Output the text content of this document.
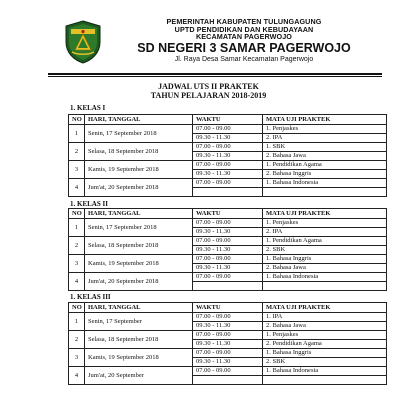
PEMERINTAH KABUPATEN TULUNGAGUNG
UPTD PENDIDIKAN DAN KEBUDAYAAN
KECAMATAN PAGERWOJO
SD NEGERI 3 SAMAR PAGERWOJO
Jl. Raya Desa Samar Kecamatan Pagerwojo
JADWAL UTS II PRAKTEK
TAHUN PELAJARAN 2018-2019
1. KELAS I
NO	HARI, TANGGAL	WAKTU	MATA UJI PRAKTEK
1	Senin, 17 September 2018	07.00 - 09.00	1. Penjaskes
		09.30 - 11.30	2. IPA
2	Selasa, 18 September 2018	07.00 - 09.00	1. SBK
		09.30 - 11.30	2. Bahasa Jawa
3	Kamis, 19 September 2018	07.00 - 09.00	1. Pendidikan Agama
		09.30 - 11.30	2. Bahasa Inggris
4	Jum'at, 20 September 2018	07.00 - 09.00	1. Bahasa Indonesia

1. KELAS II
NO	HARI, TANGGAL	WAKTU	MATA UJI PRAKTEK
1	Senin, 17 September 2018	07.00 - 09.00	1. Penjaskes
		09.30 - 11.30	2. IPA
2	Selasa, 18 September 2018	07.00 - 09.00	1. Pendidikan Agama
		09.30 - 11.30	2. SBK
3	Kamis, 19 September 2018	07.00 - 09.00	1. Bahasa Inggris
		09.30 - 11.30	2. Bahasa Jawa
4	Jum'at, 20 September 2018	07.00 - 09.00	1. Bahasa Indonesia

1. KELAS III
NO	HARI, TANGGAL	WAKTU	MATA UJI PRAKTEK
1	Senin, 17 September	07.00 - 09.00	1. IPA
		09.30 - 11.30	2. Bahasa Jawa
2	Selasa, 18 September 2018	07.00 - 09.00	1. Penjaskes
		09.30 - 11.30	2. Pendidikan Agama
3	Kamis, 19 September 2018	07.00 - 09.00	1. Bahasa Inggris
		09.30 - 11.30	2. SBK
4	Jum'at, 20 September	07.00 - 09.00	1. Bahasa Indonesia
